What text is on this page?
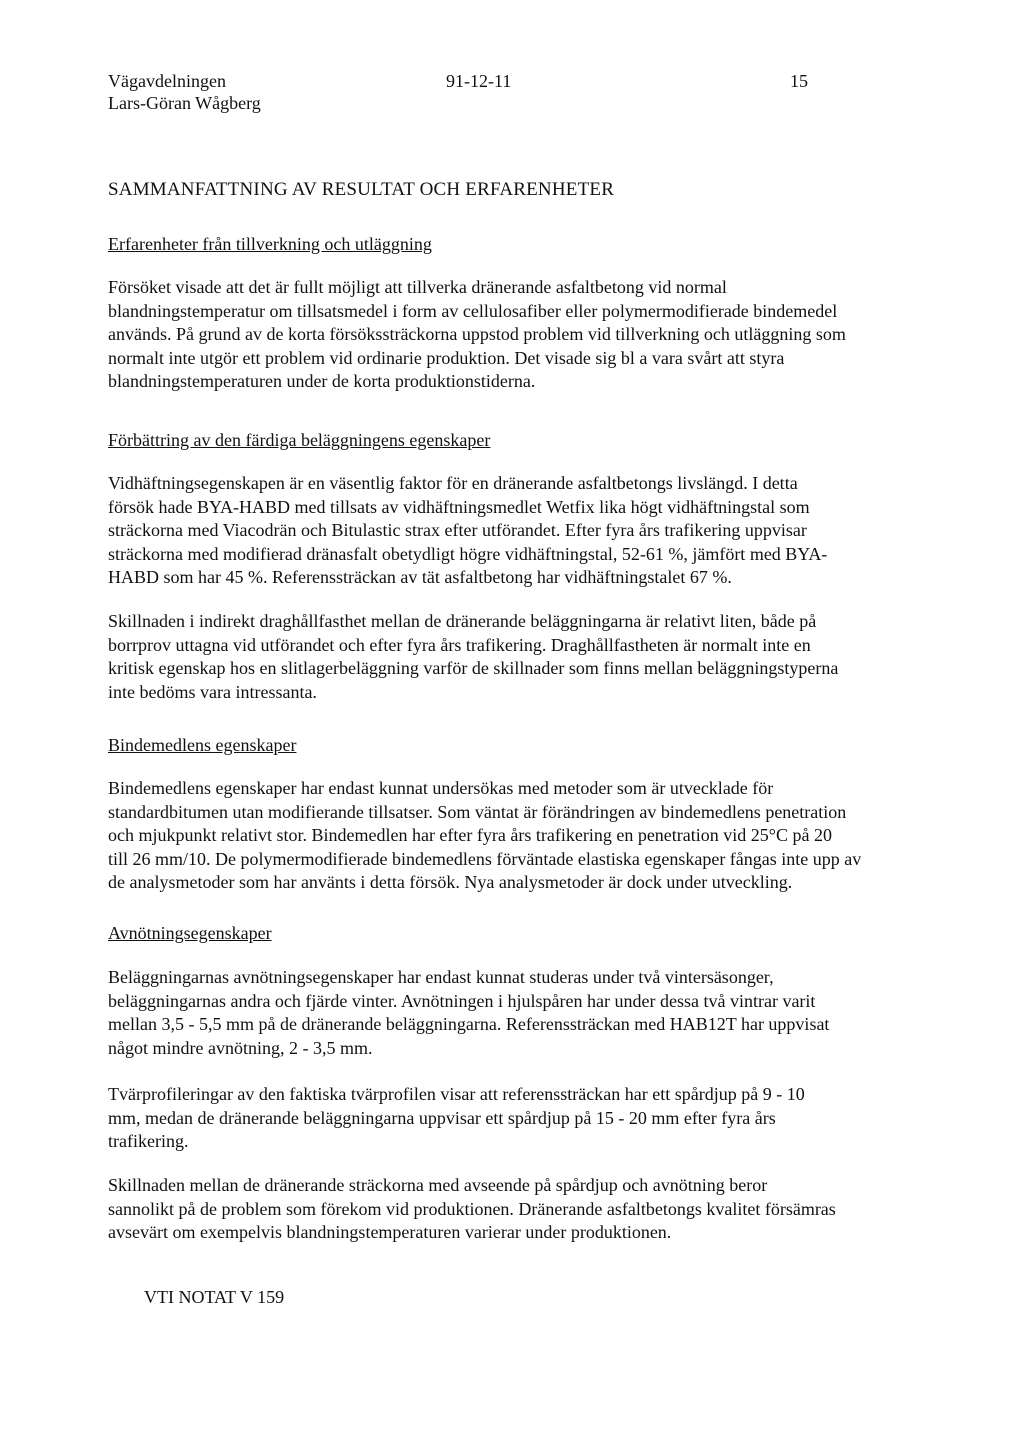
Vägavdelningen
Lars-Göran Wågberg
91-12-11	15
SAMMANFATTNING AV RESULTAT OCH ERFARENHETER
Erfarenheter från tillverkning och utläggning

Försöket visade att det är fullt möjligt att tillverka dränerande asfaltbetong vid normal
blandningstemperatur om tillsatsmedel i form av cellulosafiber eller polymermodifierade bindemedel
används. På grund av de korta försökssträckorna uppstod problem vid tillverkning och utläggning som
normalt inte utgör ett problem vid ordinarie produktion. Det visade sig bl a vara svårt att styra
blandningstemperaturen under de korta produktionstiderna.

Förbättring av den färdiga beläggningens egenskaper

Vidhäftningsegenskapen är en väsentlig faktor för en dränerande asfaltbetongs livslängd. I detta
försök hade BYA-HABD med tillsats av vidhäftningsmedlet Wetfix lika högt vidhäftningstal som
sträckorna med Viacodrän och Bitulastic strax efter utförandet. Efter fyra års trafikering uppvisar
sträckorna med modifierad dränasfalt obetydligt högre vidhäftningstal, 52-61 %, jämfört med BYA-
HABD som har 45 %. Referenssträckan av tät asfaltbetong har vidhäftningstalet 67 %.

Skillnaden i indirekt draghållfasthet mellan de dränerande beläggningarna är relativt liten, både på
borrprov uttagna vid utförandet och efter fyra års trafikering. Draghållfastheten är normalt inte en
kritisk egenskap hos en slitlagerbeläggning varför de skillnader som finns mellan beläggningstyperna
inte bedöms vara intressanta.

Bindemedlens egenskaper

Bindemedlens egenskaper har endast kunnat undersökas med metoder som är utvecklade för
standardbitumen utan modifierande tillsatser. Som väntat är förändringen av bindemedlens penetration
och mjukpunkt relativt stor. Bindemedlen har efter fyra års trafikering en penetration vid 25°C på 20
till 26 mm/10. De polymermodifierade bindemedlens förväntade elastiska egenskaper fångas inte upp av
de analysmetoder som har använts i detta försök. Nya analysmetoder är dock under utveckling.

Avnötningsegenskaper

Beläggningarnas avnötningsegenskaper har endast kunnat studeras under två vintersäsonger,
beläggningarnas andra och fjärde vinter. Avnötningen i hjulspåren har under dessa två vintrar varit
mellan 3,5 - 5,5 mm på de dränerande beläggningarna. Referenssträckan med HAB12T har uppvisat
något mindre avnötning, 2 - 3,5 mm.

Tvärprofileringar av den faktiska tvärprofilen visar att referenssträckan har ett spårdjup på 9 - 10
mm, medan de dränerande beläggningarna uppvisar ett spårdjup på 15 - 20 mm efter fyra års
trafikering.

Skillnaden mellan de dränerande sträckorna med avseende på spårdjup och avnötning beror
sannolikt på de problem som förekom vid produktionen. Dränerande asfaltbetongs kvalitet försämras
avsevärt om exempelvis blandningstemperaturen varierar under produktionen.

VTI NOTAT V 159
